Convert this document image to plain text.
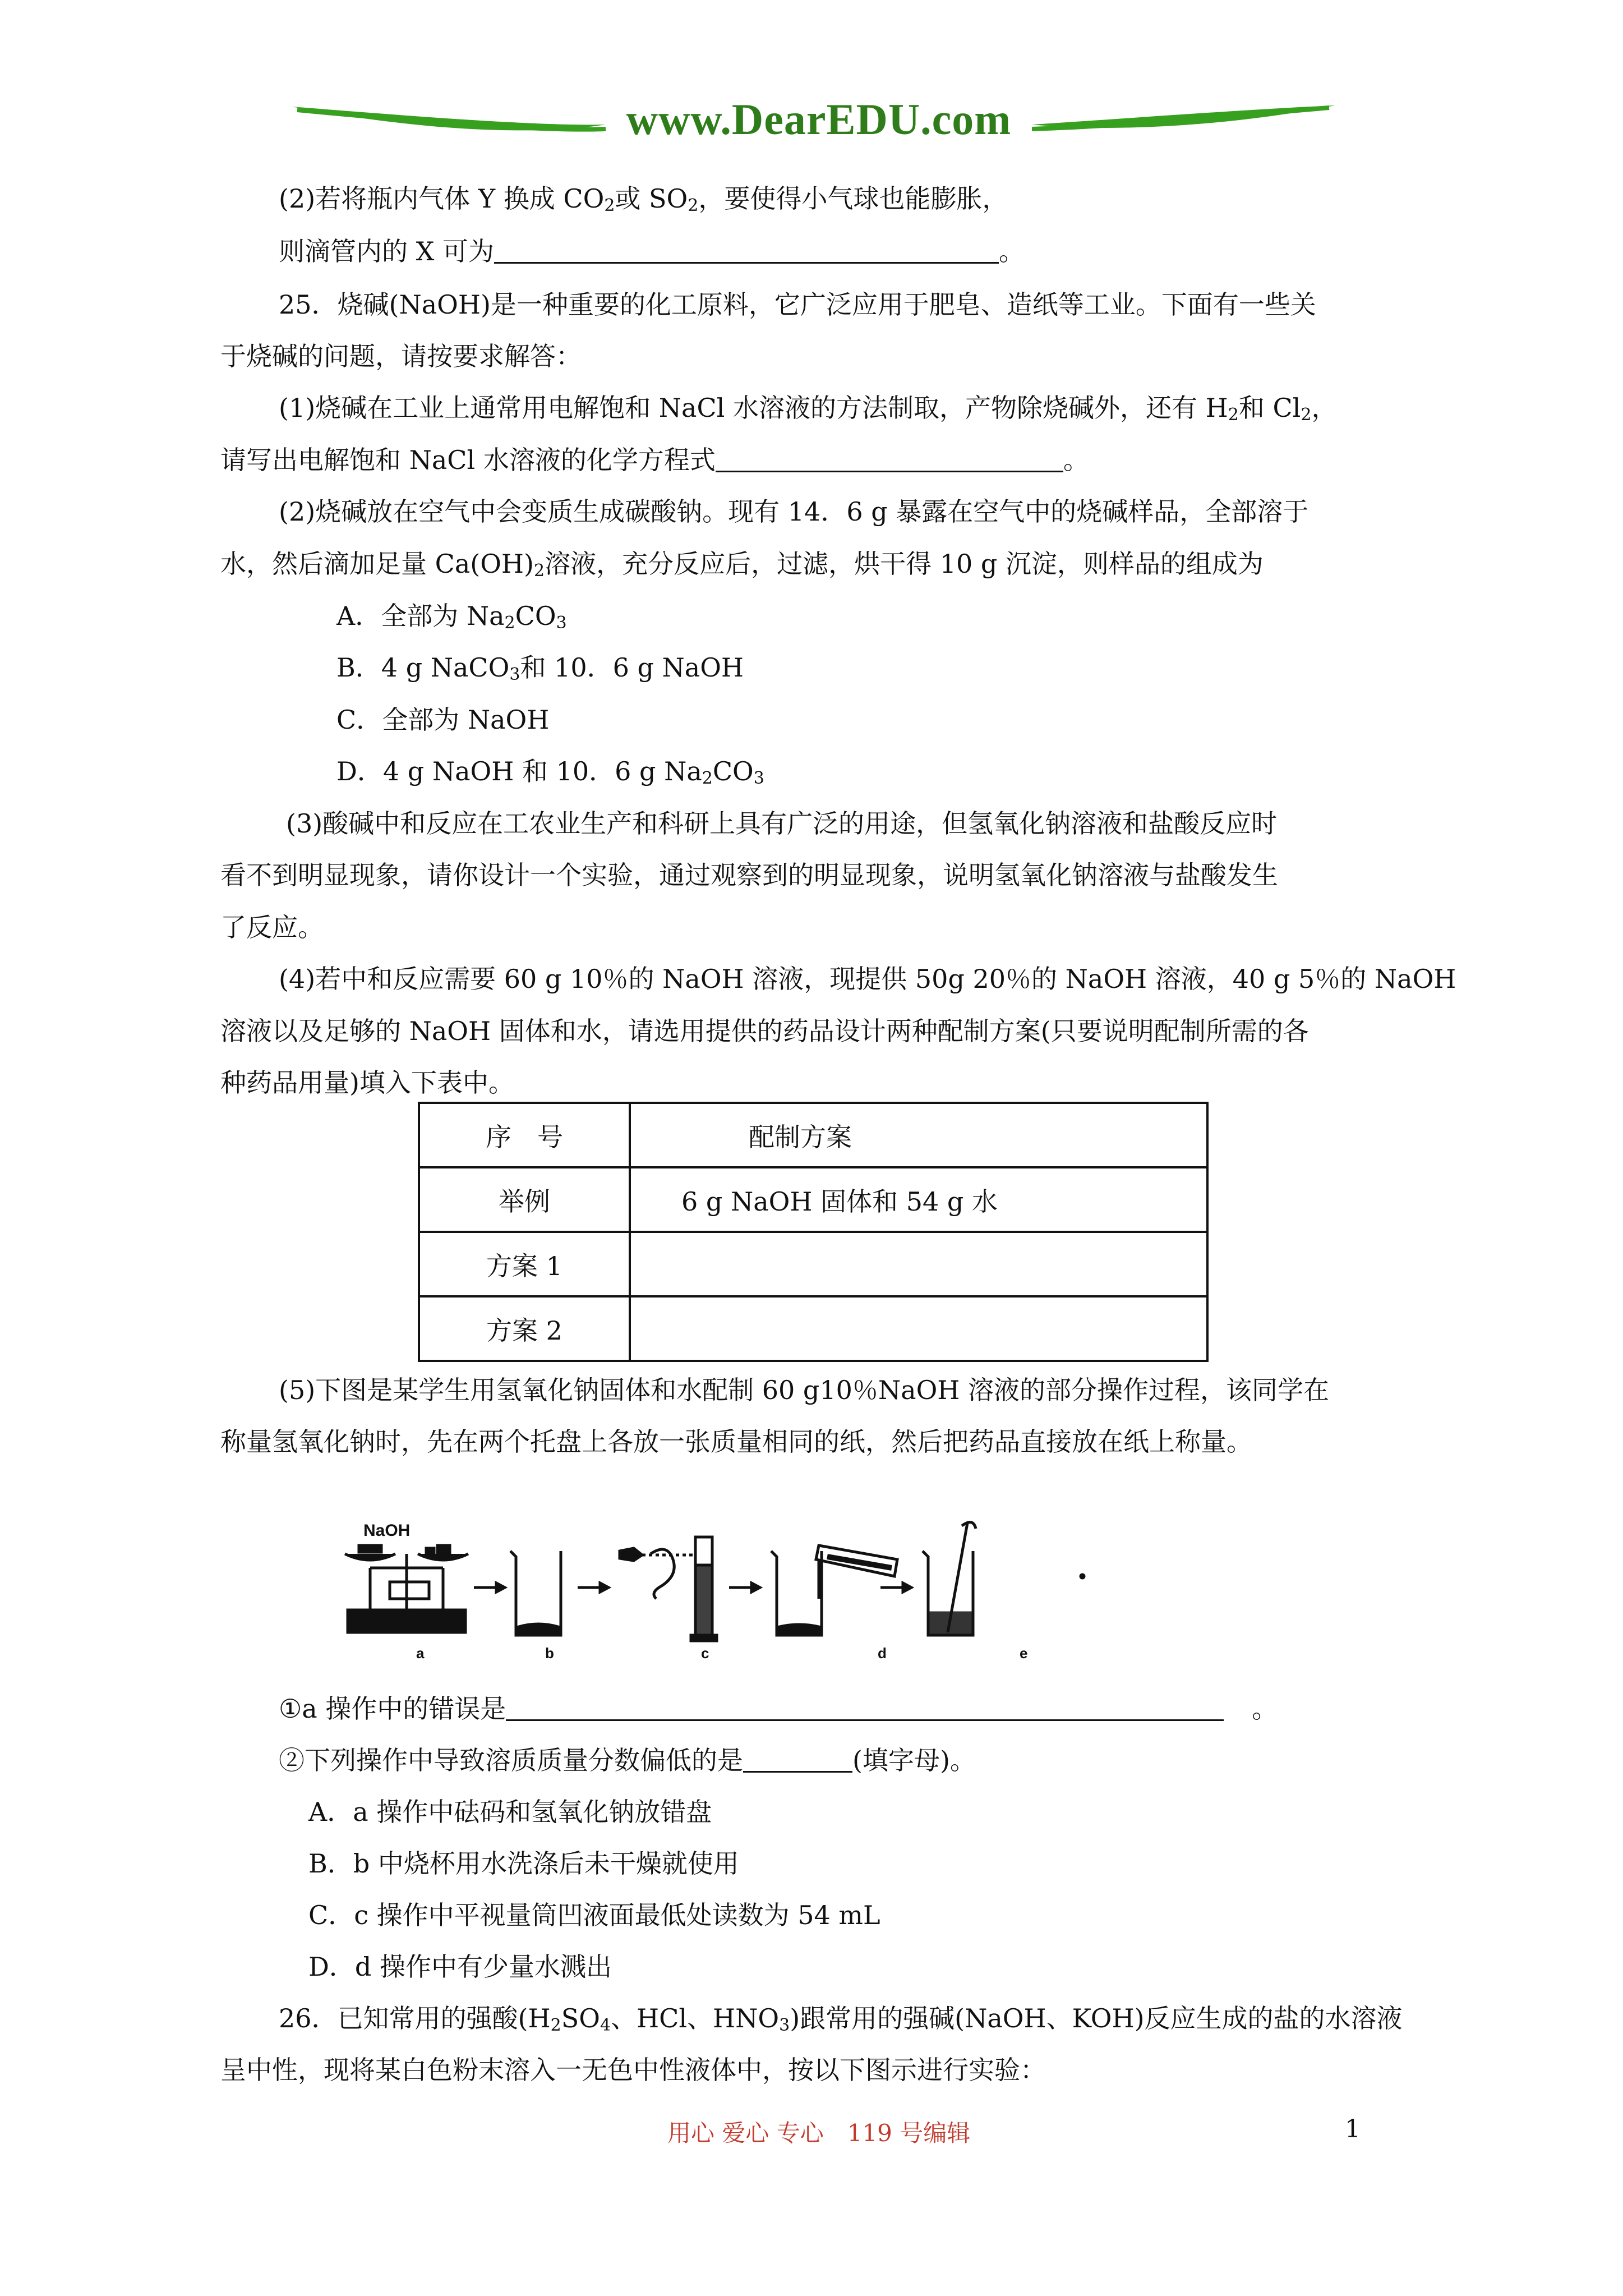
www.DearEDU.com
(2)若将瓶内气体 Y 换成 $CO_2$或 $SO_2$，要使得小气球也能膨胀，
则滴管内的 X 可为	。
25．烧碱(NaOH)是一种重要的化工原料，它广泛应用于肥皂、造纸等工业。下面有一些关
于烧碱的问题，请按要求解答：
(1)烧碱在工业上通常用电解饱和 NaCl 水溶液的方法制取，产物除烧碱外，还有 $H_2$和 $Cl_2$，
请写出电解饱和 NaCl 水溶液的化学方程式	。
(2)烧碱放在空气中会变质生成碳酸钠。现有 14．6 g 暴露在空气中的烧碱样品，全部溶于
水，然后滴加足量 $Ca(OH)_2$溶液，充分反应后，过滤，烘干得 10 g 沉淀，则样品的组成为
A．全部为 $Na_2CO_3$
B．4 g NaCO$_3$和 10．6 g NaOH
C．全部为 NaOH
D．4 g NaOH 和 10．6 g $Na_2CO_3$
(3)酸碱中和反应在工农业生产和科研上具有广泛的用途，但氢氧化钠溶液和盐酸反应时
看不到明显现象，请你设计一个实验，通过观察到的明显现象，说明氢氧化钠溶液与盐酸发生
了反应。
(4)若中和反应需要 60 g 10％的 NaOH 溶液，现提供 50g 20％的 NaOH 溶液，40 g 5％的 NaOH
溶液以及足够的 NaOH 固体和水，请选用提供的药品设计两种配制方案(只要说明配制所需的各
种药品用量)填入下表中。
序　号	配制方案
举例	6 g NaOH 固体和 54 g 水
方案 1	
方案 2	
(5)下图是某学生用氢氧化钠固体和水配制 60 g10％NaOH 溶液的部分操作过程，该同学在
称量氢氧化钠时，先在两个托盘上各放一张质量相同的纸，然后把药品直接放在纸上称量。
NaOH
a	b	c	d	e
①a 操作中的错误是	。
②下列操作中导致溶质质量分数偏低的是	(填字母)。
A．a 操作中砝码和氢氧化钠放错盘
B．b 中烧杯用水洗涤后未干燥就使用
C．c 操作中平视量筒凹液面最低处读数为 54 mL
D．d 操作中有少量水溅出
26．已知常用的强酸($H_2SO_4$、HCl、$HNO_3$)跟常用的强碱(NaOH、KOH)反应生成的盐的水溶液
呈中性，现将某白色粉末溶入一无色中性液体中，按以下图示进行实验：
用心 爱心 专心　119 号编辑	1
